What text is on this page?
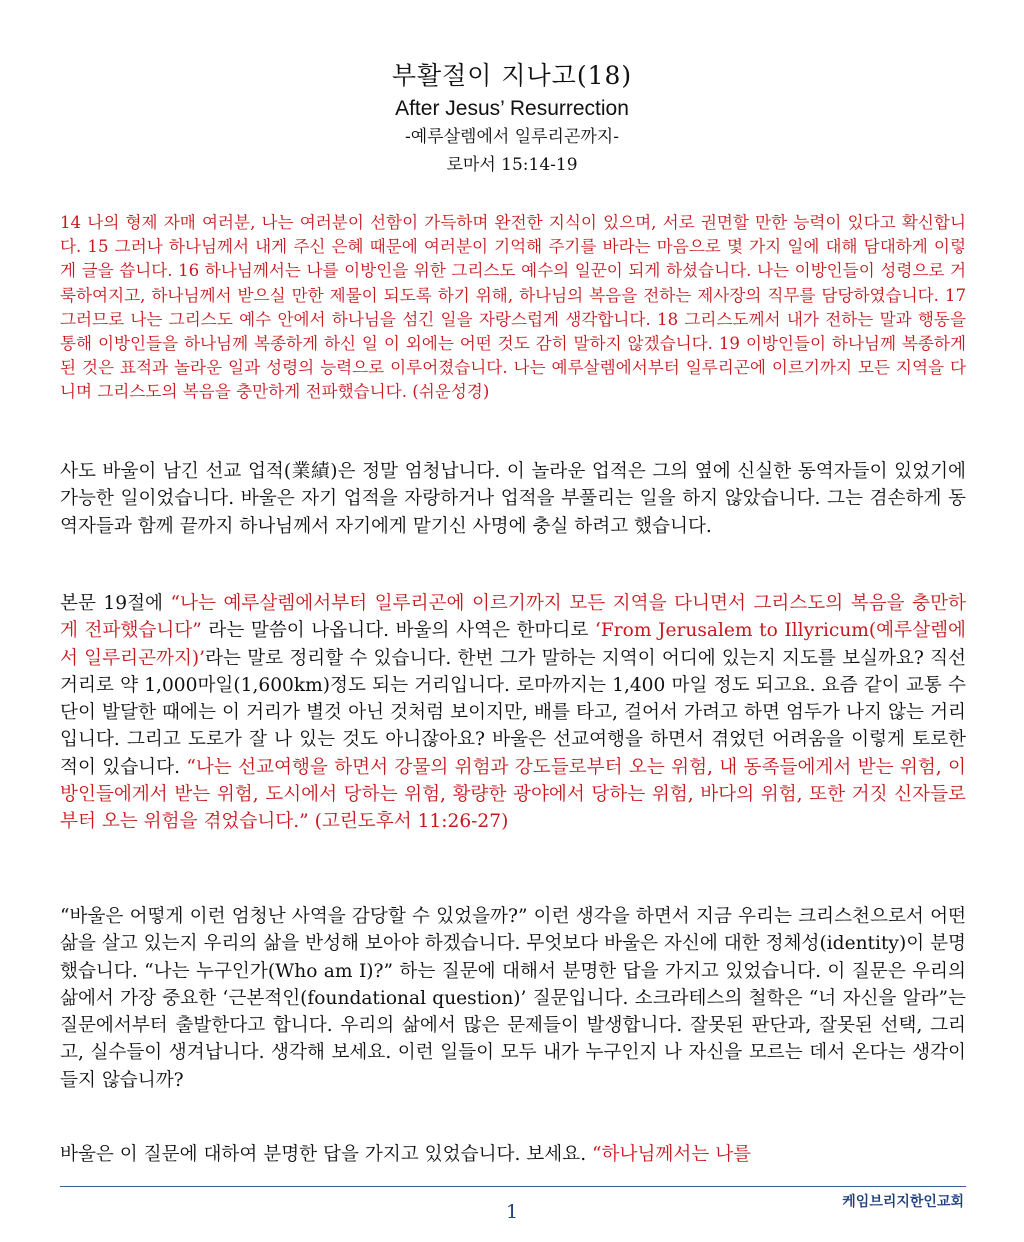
부활절이 지나고(18)
After Jesus’ Resurrection
-예루살렘에서 일루리곤까지-
로마서 15:14-19

14 나의 형제 자매 여러분, 나는 여러분이 선함이 가득하며 완전한 지식이 있으며, 서로 권면할 만한 능력이 있다고 확신합니다. 15 그러나 하나님께서 내게 주신 은혜 때문에 여러분이 기억해 주기를 바라는 마음으로 몇 가지 일에 대해 담대하게 이렇게 글을 씁니다. 16 하나님께서는 나를 이방인을 위한 그리스도 예수의 일꾼이 되게 하셨습니다. 나는 이방인들이 성령으로 거룩하여지고, 하나님께서 받으실 만한 제물이 되도록 하기 위해, 하나님의 복음을 전하는 제사장의 직무를 담당하였습니다. 17 그러므로 나는 그리스도 예수 안에서 하나님을 섬긴 일을 자랑스럽게 생각합니다. 18 그리스도께서 내가 전하는 말과 행동을 통해 이방인들을 하나님께 복종하게 하신 일 이 외에는 어떤 것도 감히 말하지 않겠습니다. 19 이방인들이 하나님께 복종하게 된 것은 표적과 놀라운 일과 성령의 능력으로 이루어졌습니다. 나는 예루살렘에서부터 일루리곤에 이르기까지 모든 지역을 다니며 그리스도의 복음을 충만하게 전파했습니다. (쉬운성경)

사도 바울이 남긴 선교 업적(業績)은 정말 엄청납니다. 이 놀라운 업적은 그의 옆에 신실한 동역자들이 있었기에 가능한 일이었습니다. 바울은 자기 업적을 자랑하거나 업적을 부풀리는 일을 하지 않았습니다. 그는 겸손하게 동역자들과 함께 끝까지 하나님께서 자기에게 맡기신 사명에 충실 하려고 했습니다.

본문 19절에 “나는 예루살렘에서부터 일루리곤에 이르기까지 모든 지역을 다니면서 그리스도의 복음을 충만하게 전파했습니다” 라는 말씀이 나옵니다. 바울의 사역은 한마디로 ‘From Jerusalem to Illyricum(예루살렘에서 일루리곤까지)’라는 말로 정리할 수 있습니다. 한번 그가 말하는 지역이 어디에 있는지 지도를 보실까요? 직선 거리로 약 1,000마일(1,600km)정도 되는 거리입니다. 로마까지는 1,400 마일 정도 되고요. 요즘 같이 교통 수단이 발달한 때에는 이 거리가 별것 아닌 것처럼 보이지만, 배를 타고, 걸어서 가려고 하면 엄두가 나지 않는 거리입니다. 그리고 도로가 잘 나 있는 것도 아니잖아요? 바울은 선교여행을 하면서 겪었던 어려움을 이렇게 토로한 적이 있습니다. “나는 선교여행을 하면서 강물의 위험과 강도들로부터 오는 위험, 내 동족들에게서 받는 위험, 이방인들에게서 받는 위험, 도시에서 당하는 위험, 황량한 광야에서 당하는 위험, 바다의 위험, 또한 거짓 신자들로부터 오는 위험을 겪었습니다.” (고린도후서 11:26-27)

“바울은 어떻게 이런 엄청난 사역을 감당할 수 있었을까?” 이런 생각을 하면서 지금 우리는 크리스천으로서 어떤 삶을 살고 있는지 우리의 삶을 반성해 보아야 하겠습니다. 무엇보다 바울은 자신에 대한 정체성(identity)이 분명했습니다. “나는 누구인가(Who am I)?” 하는 질문에 대해서 분명한 답을 가지고 있었습니다. 이 질문은 우리의 삶에서 가장 중요한 ‘근본적인(foundational question)’ 질문입니다. 소크라테스의 철학은 “너 자신을 알라”는 질문에서부터 출발한다고 합니다. 우리의 삶에서 많은 문제들이 발생합니다. 잘못된 판단과, 잘못된 선택, 그리고, 실수들이 생겨납니다. 생각해 보세요. 이런 일들이 모두 내가 누구인지 나 자신을 모르는 데서 온다는 생각이 들지 않습니까?

바울은 이 질문에 대하여 분명한 답을 가지고 있었습니다. 보세요. “하나님께서는 나를

케임브리지한인교회
1
